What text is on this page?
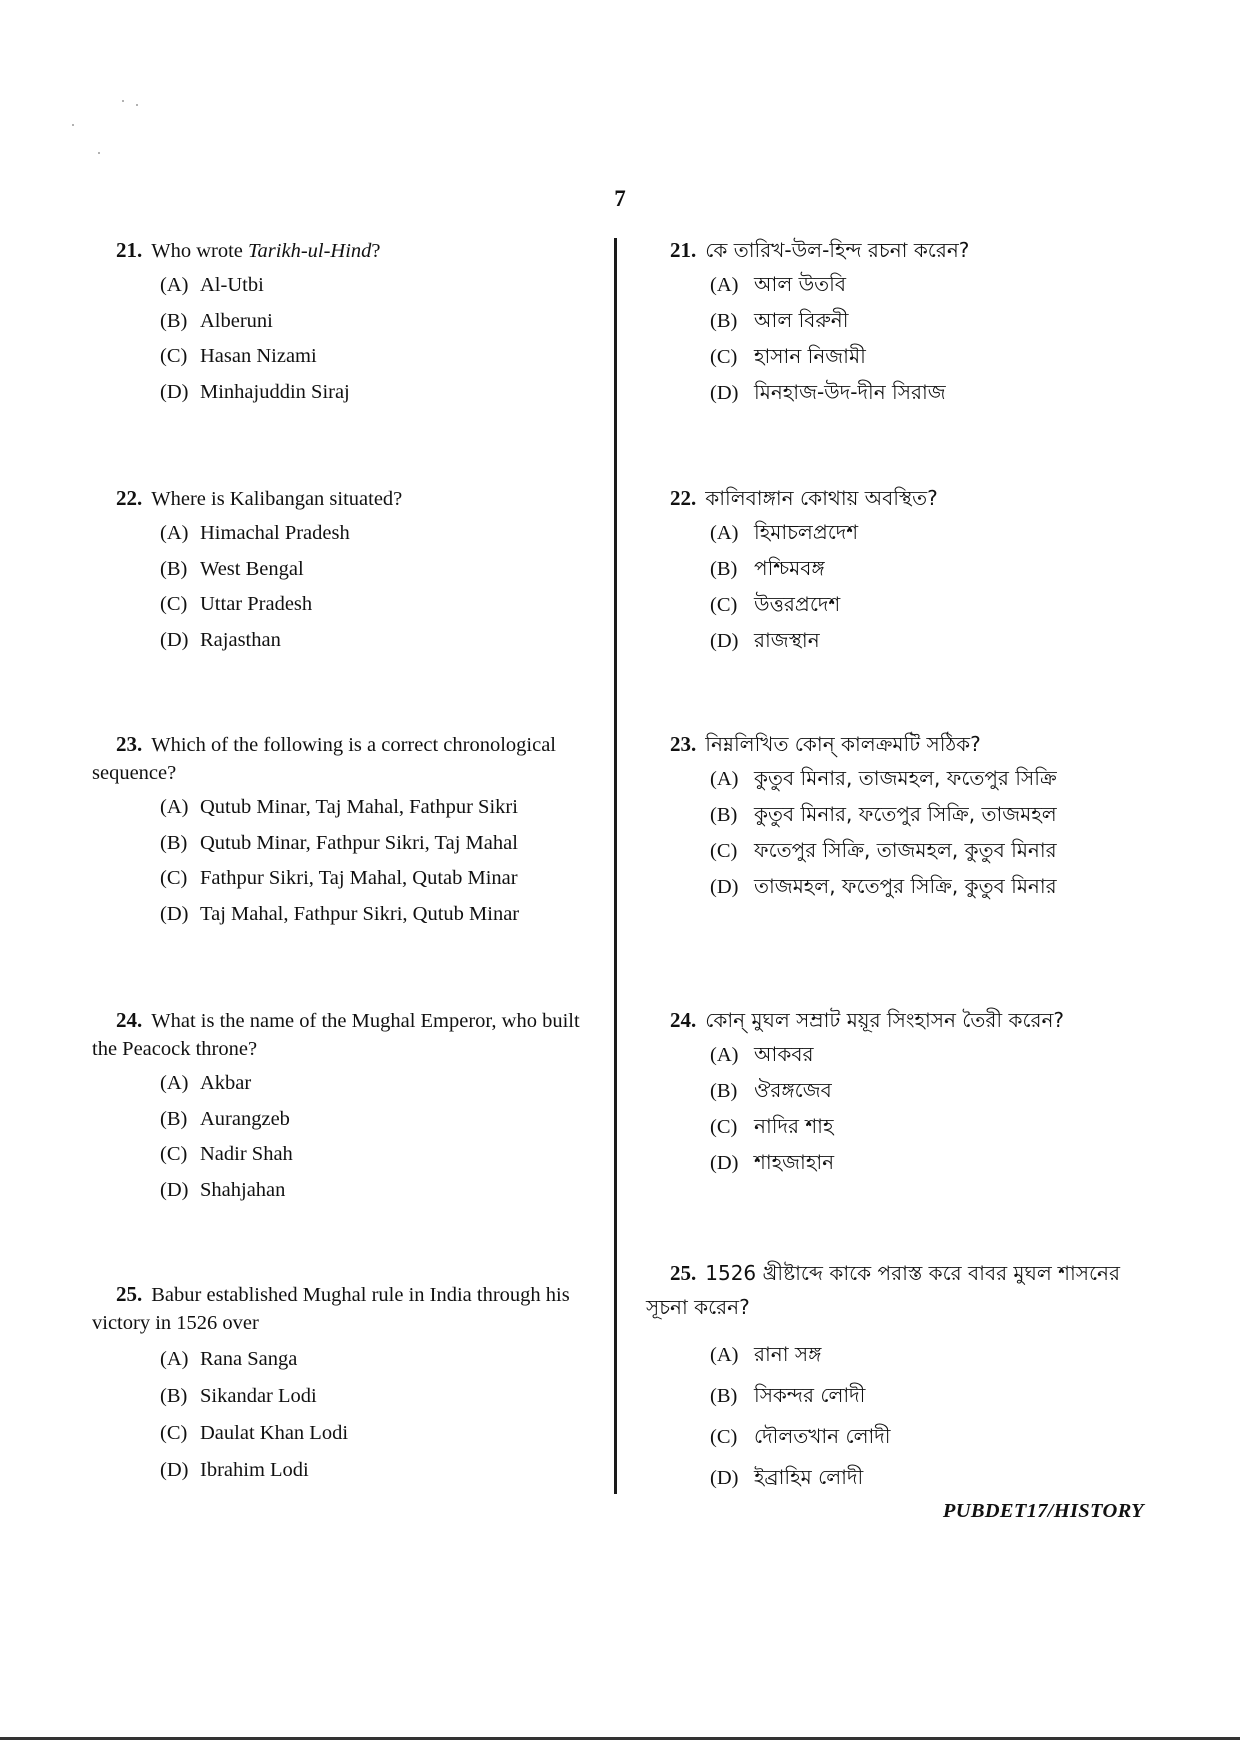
7
21. Who wrote Tarikh-ul-Hind?
(A) Al-Utbi
(B) Alberuni
(C) Hasan Nizami
(D) Minhajuddin Siraj
22. Where is Kalibangan situated?
(A) Himachal Pradesh
(B) West Bengal
(C) Uttar Pradesh
(D) Rajasthan
23. Which of the following is a correct chronological sequence?
(A) Qutub Minar, Taj Mahal, Fathpur Sikri
(B) Qutub Minar, Fathpur Sikri, Taj Mahal
(C) Fathpur Sikri, Taj Mahal, Qutab Minar
(D) Taj Mahal, Fathpur Sikri, Qutub Minar
24. What is the name of the Mughal Emperor, who built the Peacock throne?
(A) Akbar
(B) Aurangzeb
(C) Nadir Shah
(D) Shahjahan
25. Babur established Mughal rule in India through his victory in 1526 over
(A) Rana Sanga
(B) Sikandar Lodi
(C) Daulat Khan Lodi
(D) Ibrahim Lodi
21. কে তারিখ-উল-হিন্দ রচনা করেন?
(A) আল উতবি
(B) আল বিরুনী
(C) হাসান নিজামী
(D) মিনহাজ-উদ-দীন সিরাজ
22. কালিবাঙ্গান কোথায় অবস্থিত?
(A) হিমাচলপ্রদেশ
(B) পশ্চিমবঙ্গ
(C) উত্তরপ্রদেশ
(D) রাজস্থান
23. নিম্নলিখিত কোন্ কালক্রমটি সঠিক?
(A) কুতুব মিনার, তাজমহল, ফতেপুর সিক্রি
(B) কুতুব মিনার, ফতেপুর সিক্রি, তাজমহল
(C) ফতেপুর সিক্রি, তাজমহল, কুতুব মিনার
(D) তাজমহল, ফতেপুর সিক্রি, কুতুব মিনার
24. কোন্ মুঘল সম্রাট ময়ূর সিংহাসন তৈরী করেন?
(A) আকবর
(B) ঔরঙ্গজেব
(C) নাদির শাহ
(D) শাহজাহান
25. 1526 খ্রীষ্টাব্দে কাকে পরাস্ত করে বাবর মুঘল শাসনের সূচনা করেন?
(A) রানা সঙ্গ
(B) সিকন্দর লোদী
(C) দৌলতখান লোদী
(D) ইব্রাহিম লোদী
PUBDET17/HISTORY
